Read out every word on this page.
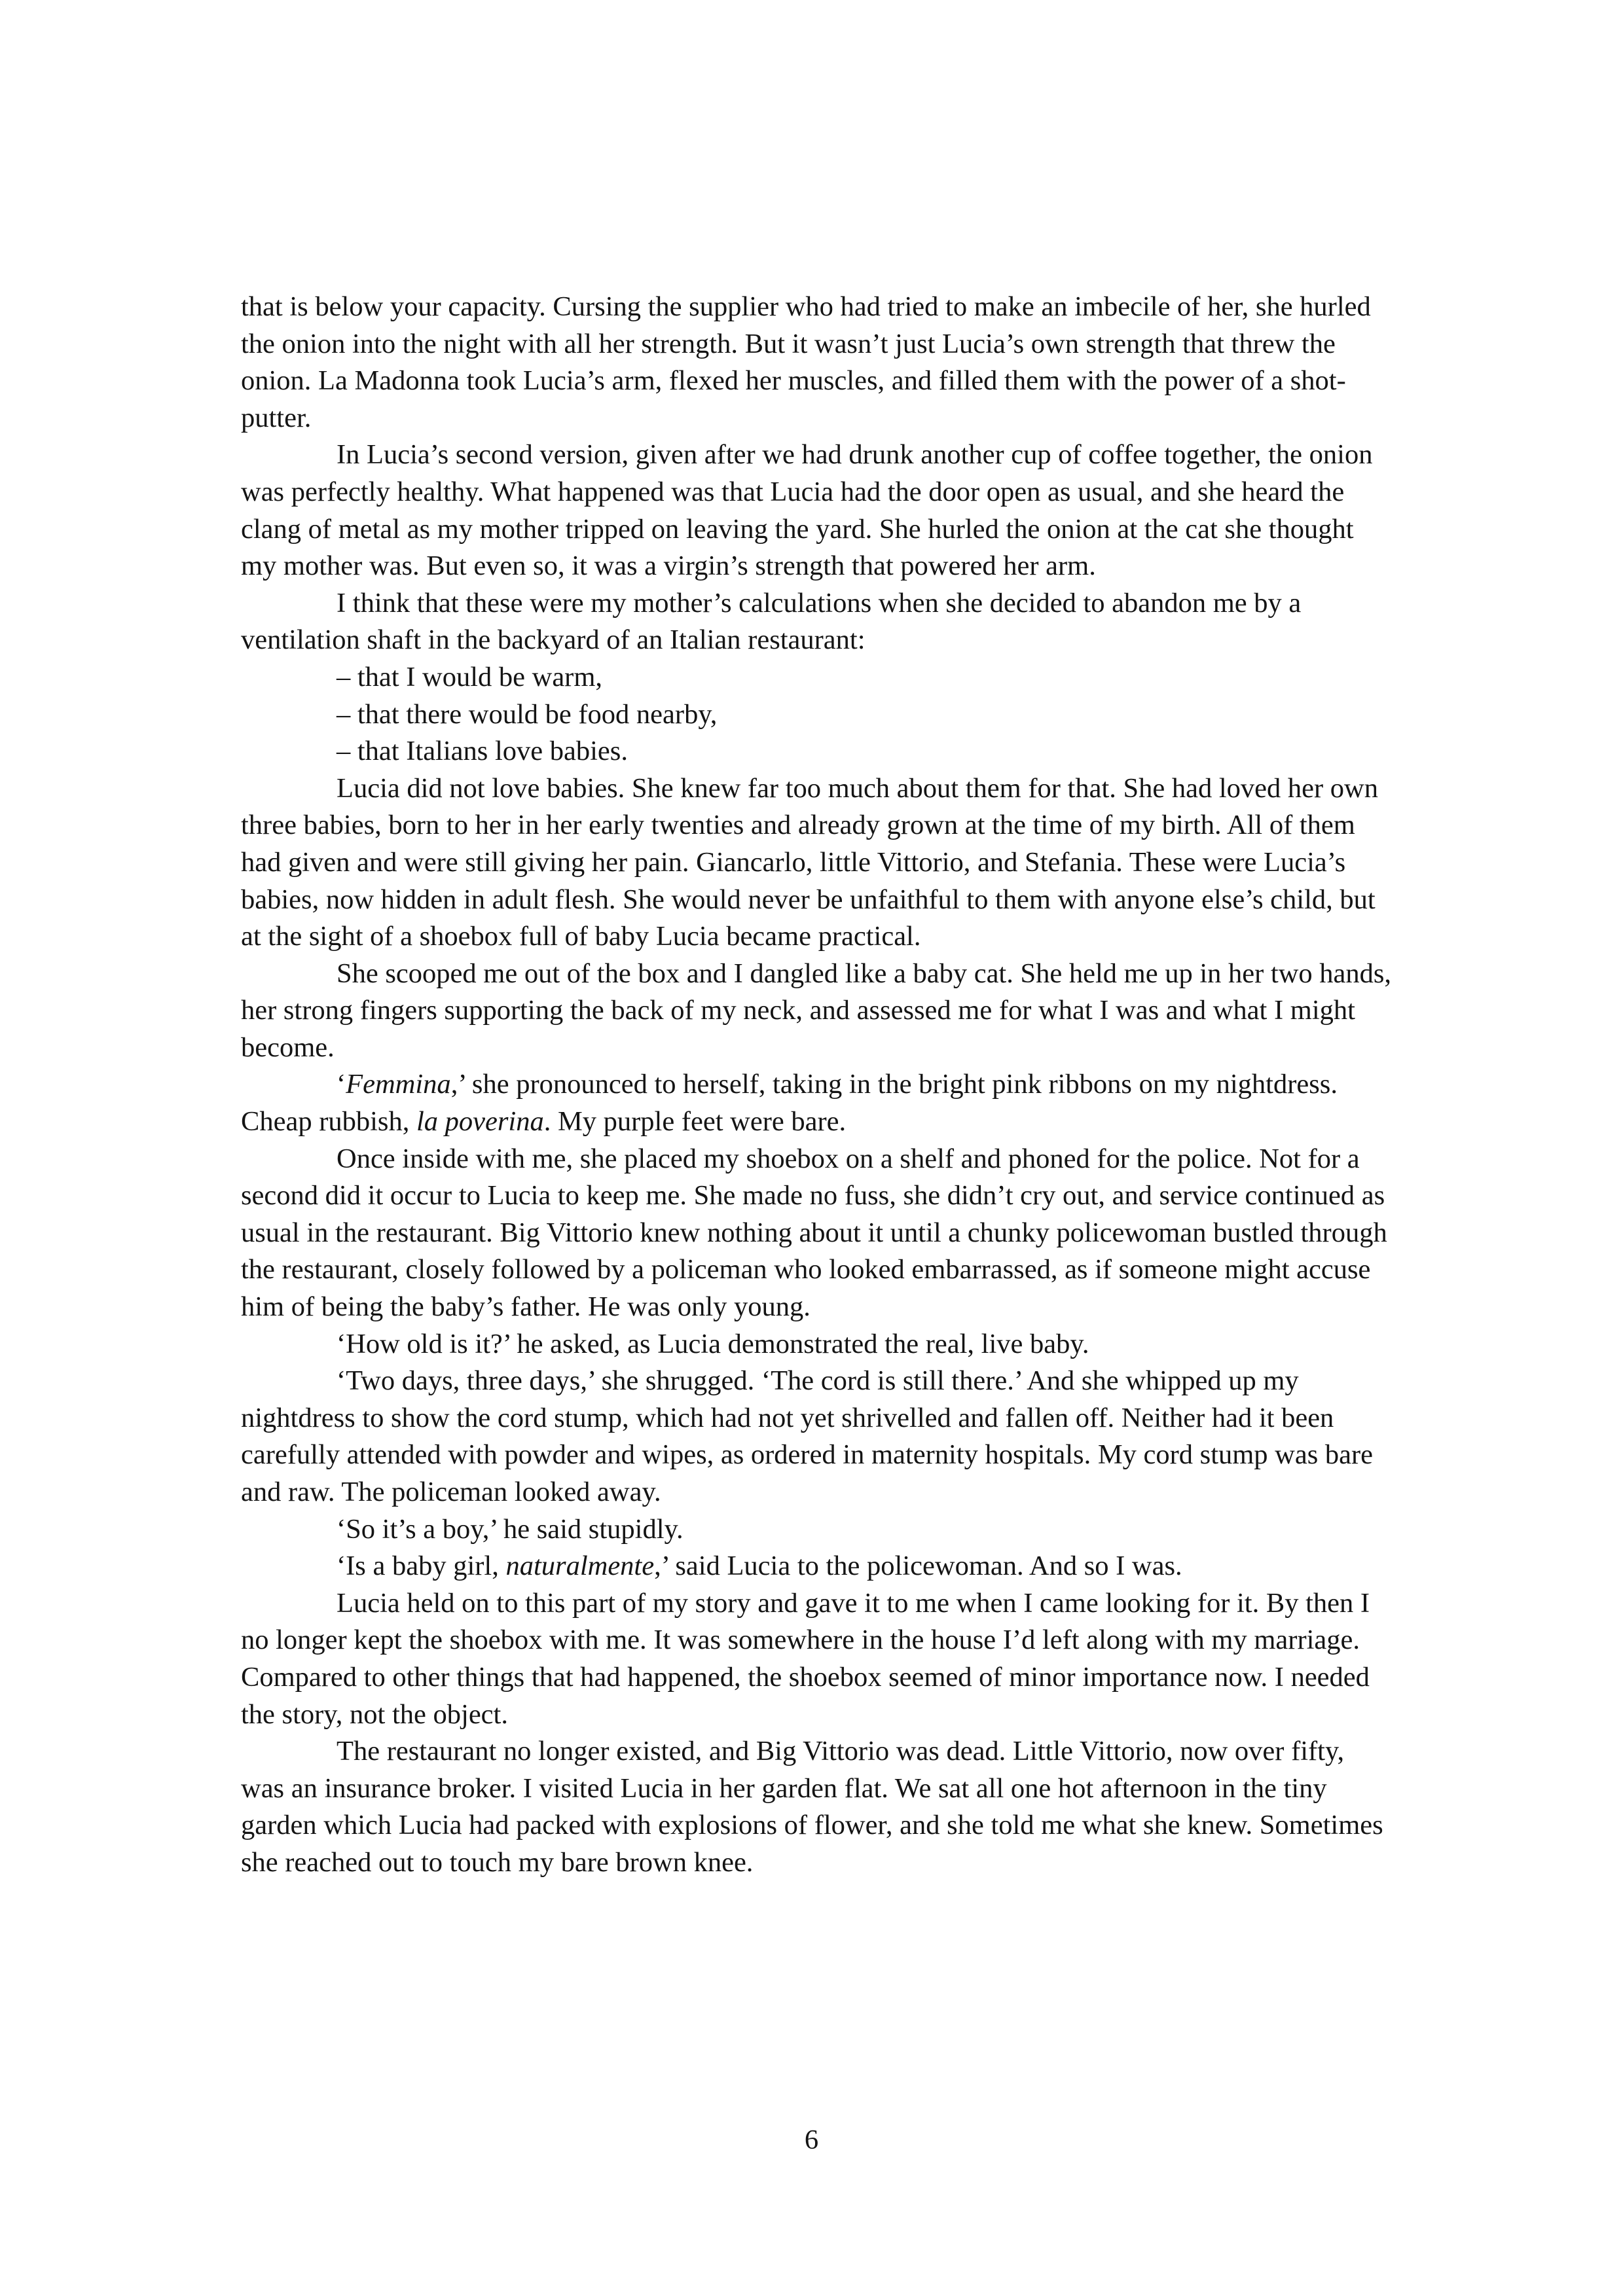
that is below your capacity. Cursing the supplier who had tried to make an imbecile of her, she hurled the onion into the night with all her strength. But it wasn’t just Lucia’s own strength that threw the onion. La Madonna took Lucia’s arm, flexed her muscles, and filled them with the power of a shot-putter.

In Lucia’s second version, given after we had drunk another cup of coffee together, the onion was perfectly healthy. What happened was that Lucia had the door open as usual, and she heard the clang of metal as my mother tripped on leaving the yard. She hurled the onion at the cat she thought my mother was. But even so, it was a virgin’s strength that powered her arm.

I think that these were my mother’s calculations when she decided to abandon me by a ventilation shaft in the backyard of an Italian restaurant:

– that I would be warm,

– that there would be food nearby,

– that Italians love babies.

Lucia did not love babies. She knew far too much about them for that. She had loved her own three babies, born to her in her early twenties and already grown at the time of my birth. All of them had given and were still giving her pain. Giancarlo, little Vittorio, and Stefania. These were Lucia’s babies, now hidden in adult flesh. She would never be unfaithful to them with anyone else’s child, but at the sight of a shoebox full of baby Lucia became practical.

She scooped me out of the box and I dangled like a baby cat. She held me up in her two hands, her strong fingers supporting the back of my neck, and assessed me for what I was and what I might become.

‘Femmina,’ she pronounced to herself, taking in the bright pink ribbons on my nightdress. Cheap rubbish, la poverina. My purple feet were bare.

Once inside with me, she placed my shoebox on a shelf and phoned for the police. Not for a second did it occur to Lucia to keep me. She made no fuss, she didn’t cry out, and service continued as usual in the restaurant. Big Vittorio knew nothing about it until a chunky policewoman bustled through the restaurant, closely followed by a policeman who looked embarrassed, as if someone might accuse him of being the baby’s father. He was only young.

‘How old is it?’ he asked, as Lucia demonstrated the real, live baby.

‘Two days, three days,’ she shrugged. ‘The cord is still there.’ And she whipped up my nightdress to show the cord stump, which had not yet shrivelled and fallen off. Neither had it been carefully attended with powder and wipes, as ordered in maternity hospitals. My cord stump was bare and raw. The policeman looked away.

‘So it’s a boy,’ he said stupidly.

‘Is a baby girl, naturalmente,’ said Lucia to the policewoman. And so I was.

Lucia held on to this part of my story and gave it to me when I came looking for it. By then I no longer kept the shoebox with me. It was somewhere in the house I’d left along with my marriage. Compared to other things that had happened, the shoebox seemed of minor importance now. I needed the story, not the object.

The restaurant no longer existed, and Big Vittorio was dead. Little Vittorio, now over fifty, was an insurance broker. I visited Lucia in her garden flat. We sat all one hot afternoon in the tiny garden which Lucia had packed with explosions of flower, and she told me what she knew. Sometimes she reached out to touch my bare brown knee.

6
